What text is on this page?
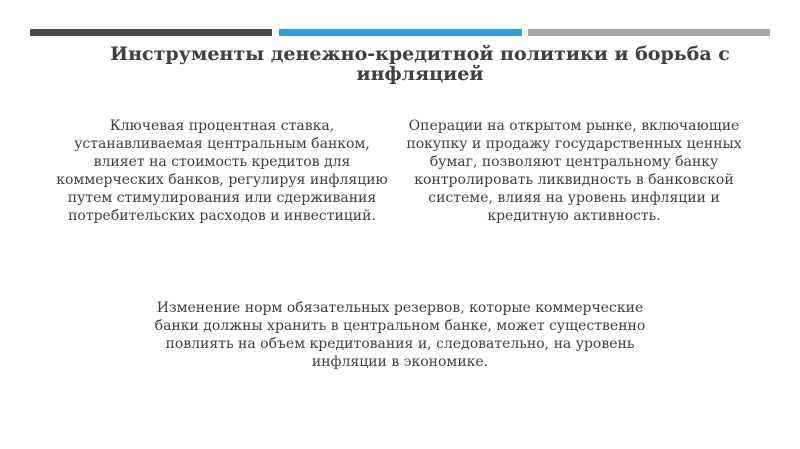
Инструменты денежно-кредитной политики и борьба с инфляцией

Ключевая процентная ставка, устанавливаемая центральным банком, влияет на стоимость кредитов для коммерческих банков, регулируя инфляцию путем стимулирования или сдерживания потребительских расходов и инвестиций.

Операции на открытом рынке, включающие покупку и продажу государственных ценных бумаг, позволяют центральному банку контролировать ликвидность в банковской системе, влияя на уровень инфляции и кредитную активность.

Изменение норм обязательных резервов, которые коммерческие банки должны хранить в центральном банке, может существенно повлиять на объем кредитования и, следовательно, на уровень инфляции в экономике.
